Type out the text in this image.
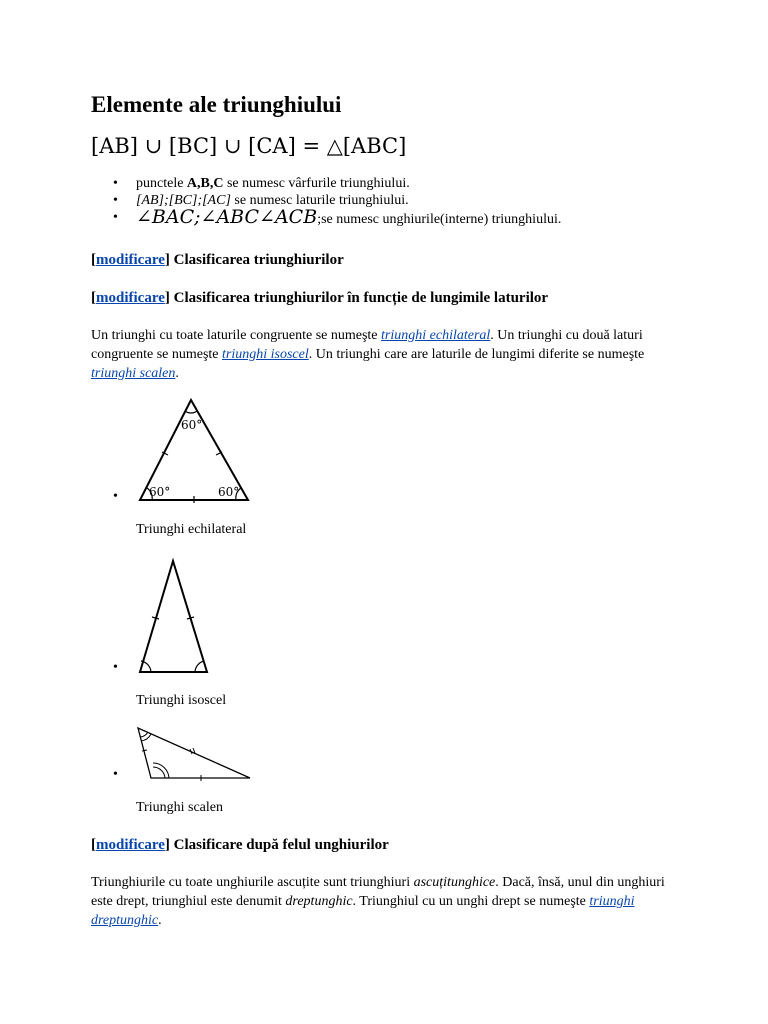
Elemente ale triunghiului
[AB] ∪ [BC] ∪ [CA] = △[ABC]
• punctele A,B,C se numesc vârfurile triunghiului.
• [AB];[BC];[AC] se numesc laturile triunghiului.
• ∠BAC;∠ABC∠ACB;se numesc unghiurile(interne) triunghiului.
[modificare] Clasificarea triunghiurilor
[modificare] Clasificarea triunghiurilor în funcție de lungimile laturilor

Un triunghi cu toate laturile congruente se numeşte triunghi echilateral. Un triunghi cu două laturi congruente se numeşte triunghi isoscel. Un triunghi care are laturile de lungimi diferite se numeşte triunghi scalen.

•
60°
60°	60°
Triunghi echilateral
•
Triunghi isoscel
•
Triunghi scalen
[modificare] Clasificare după felul unghiurilor

Triunghiurile cu toate unghiurile ascuțite sunt triunghiuri ascuțitunghice. Dacă, însă, unul din unghiuri este drept, triunghiul este denumit dreptunghic. Triunghiul cu un unghi drept se numeşte triunghi dreptunghic.
